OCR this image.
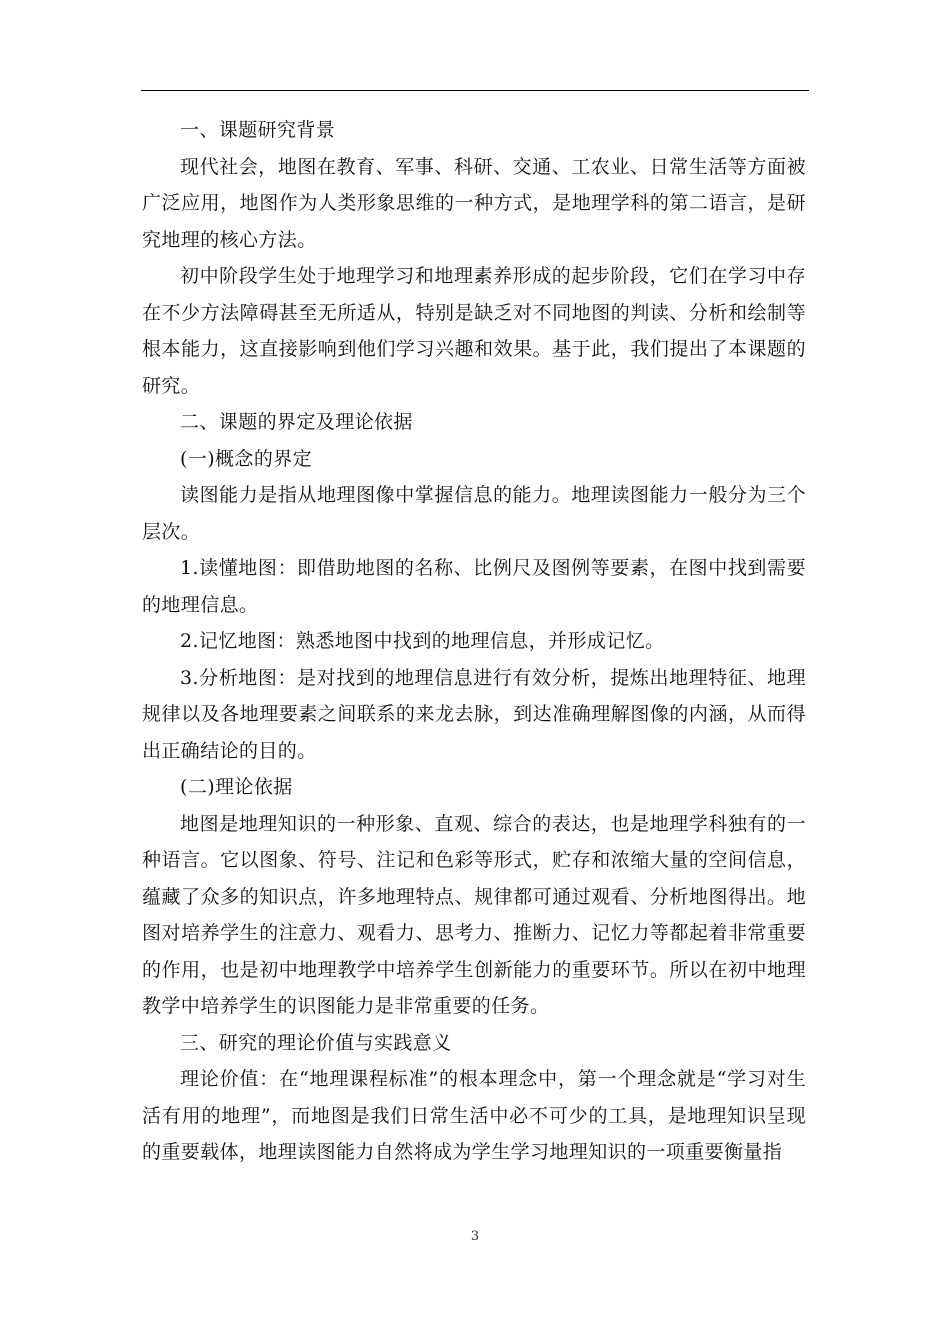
一、课题研究背景

现代社会，地图在教育、军事、科研、交通、工农业、日常生活等方面被广泛应用，地图作为人类形象思维的一种方式，是地理学科的第二语言，是研究地理的核心方法。

初中阶段学生处于地理学习和地理素养形成的起步阶段，它们在学习中存在不少方法障碍甚至无所适从，特别是缺乏对不同地图的判读、分析和绘制等根本能力，这直接影响到他们学习兴趣和效果。基于此，我们提出了本课题的研究。

二、课题的界定及理论依据

(一)概念的界定

读图能力是指从地理图像中掌握信息的能力。地理读图能力一般分为三个层次。

1.读懂地图：即借助地图的名称、比例尺及图例等要素，在图中找到需要的地理信息。

2.记忆地图：熟悉地图中找到的地理信息，并形成记忆。

3.分析地图：是对找到的地理信息进行有效分析，提炼出地理特征、地理规律以及各地理要素之间联系的来龙去脉，到达准确理解图像的内涵，从而得出正确结论的目的。

(二)理论依据

地图是地理知识的一种形象、直观、综合的表达，也是地理学科独有的一种语言。它以图象、符号、注记和色彩等形式，贮存和浓缩大量的空间信息，蕴藏了众多的知识点，许多地理特点、规律都可通过观看、分析地图得出。地图对培养学生的注意力、观看力、思考力、推断力、记忆力等都起着非常重要的作用，也是初中地理教学中培养学生创新能力的重要环节。所以在初中地理教学中培养学生的识图能力是非常重要的任务。

三、研究的理论价值与实践意义

理论价值：在“地理课程标准”的根本理念中，第一个理念就是“学习对生活有用的地理”，而地图是我们日常生活中必不可少的工具，是地理知识呈现的重要载体，地理读图能力自然将成为学生学习地理知识的一项重要衡量指

3
